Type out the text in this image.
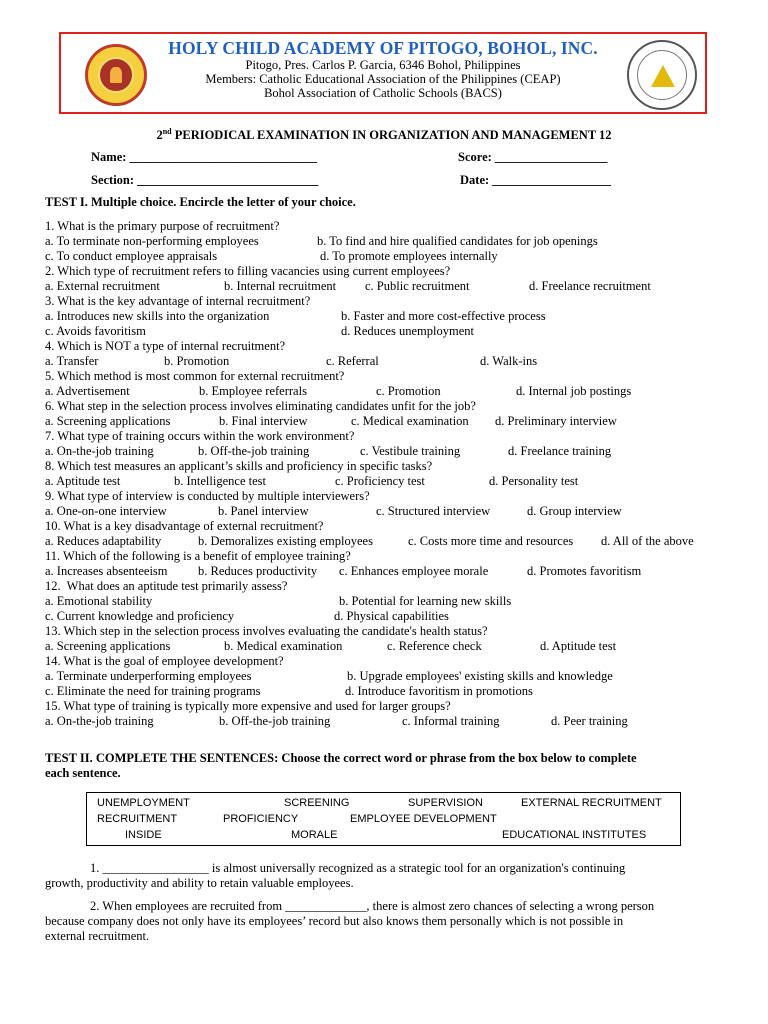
HOLY CHILD ACADEMY OF PITOGO, BOHOL, INC.
Pitogo, Pres. Carlos P. Garcia, 6346 Bohol, Philippines
Members: Catholic Educational Association of the Philippines (CEAP)
Bohol Association of Catholic Schools (BACS)
2nd PERIODICAL EXAMINATION IN ORGANIZATION AND MANAGEMENT 12
Name: ______________________________	Score: __________________
Section: _____________________________	Date: ___________________
TEST I. Multiple choice. Encircle the letter of your choice.
1. What is the primary purpose of recruitment?
a. To terminate non-performing employees	b. To find and hire qualified candidates for job openings
c. To conduct employee appraisals	d. To promote employees internally
2. Which type of recruitment refers to filling vacancies using current employees?
a. External recruitment	b. Internal recruitment c. Public recruitment	d. Freelance recruitment
3. What is the key advantage of internal recruitment?
a. Introduces new skills into the organization	b. Faster and more cost-effective process
c. Avoids favoritism	d. Reduces unemployment
4. Which is NOT a type of internal recruitment?
a. Transfer	b. Promotion	c. Referral	d. Walk-ins
5. Which method is most common for external recruitment?
a. Advertisement	b. Employee referrals	c. Promotion	d. Internal job postings
6. What step in the selection process involves eliminating candidates unfit for the job?
a. Screening applications	b. Final interview	c. Medical examination d. Preliminary interview
7. What type of training occurs within the work environment?
a. On-the-job training	b. Off-the-job training	c. Vestibule training	d. Freelance training
8. Which test measures an applicant’s skills and proficiency in specific tasks?
a. Aptitude test	b. Intelligence test	c. Proficiency test	d. Personality test
9. What type of interview is conducted by multiple interviewers?
a. One-on-one interview	b. Panel interview	c. Structured interview	d. Group interview
10. What is a key disadvantage of external recruitment?
a. Reduces adaptability	b. Demoralizes existing employees	c. Costs more time and resources d. All of the above
11. Which of the following is a benefit of employee training?
a. Increases absenteeism b. Reduces productivity c. Enhances employee morale	d. Promotes favoritism
12.  What does an aptitude test primarily assess?
a. Emotional stability	b. Potential for learning new skills
c. Current knowledge and proficiency	d. Physical capabilities
13. Which step in the selection process involves evaluating the candidate's health status?
a. Screening applications	b. Medical examination	c. Reference check	d. Aptitude test
14. What is the goal of employee development?
a. Terminate underperforming employees	b. Upgrade employees' existing skills and knowledge
c. Eliminate the need for training programs	d. Introduce favoritism in promotions
15. What type of training is typically more expensive and used for larger groups?
a. On-the-job training	b. Off-the-job training	c. Informal training	d. Peer training
TEST II. COMPLETE THE SENTENCES: Choose the correct word or phrase from the box below to complete
each sentence.
UNEMPLOYMENT	SCREENING	SUPERVISION	EXTERNAL RECRUITMENT
RECRUITMENT	PROFICIENCY	EMPLOYEE DEVELOPMENT
INSIDE	MORALE	EDUCATIONAL INSTITUTES
1. _________________ is almost universally recognized as a strategic tool for an organization's continuing
growth, productivity and ability to retain valuable employees.
2. When employees are recruited from _____________, there is almost zero chances of selecting a wrong person
because company does not only have its employees’ record but also knows them personally which is not possible in
external recruitment.
